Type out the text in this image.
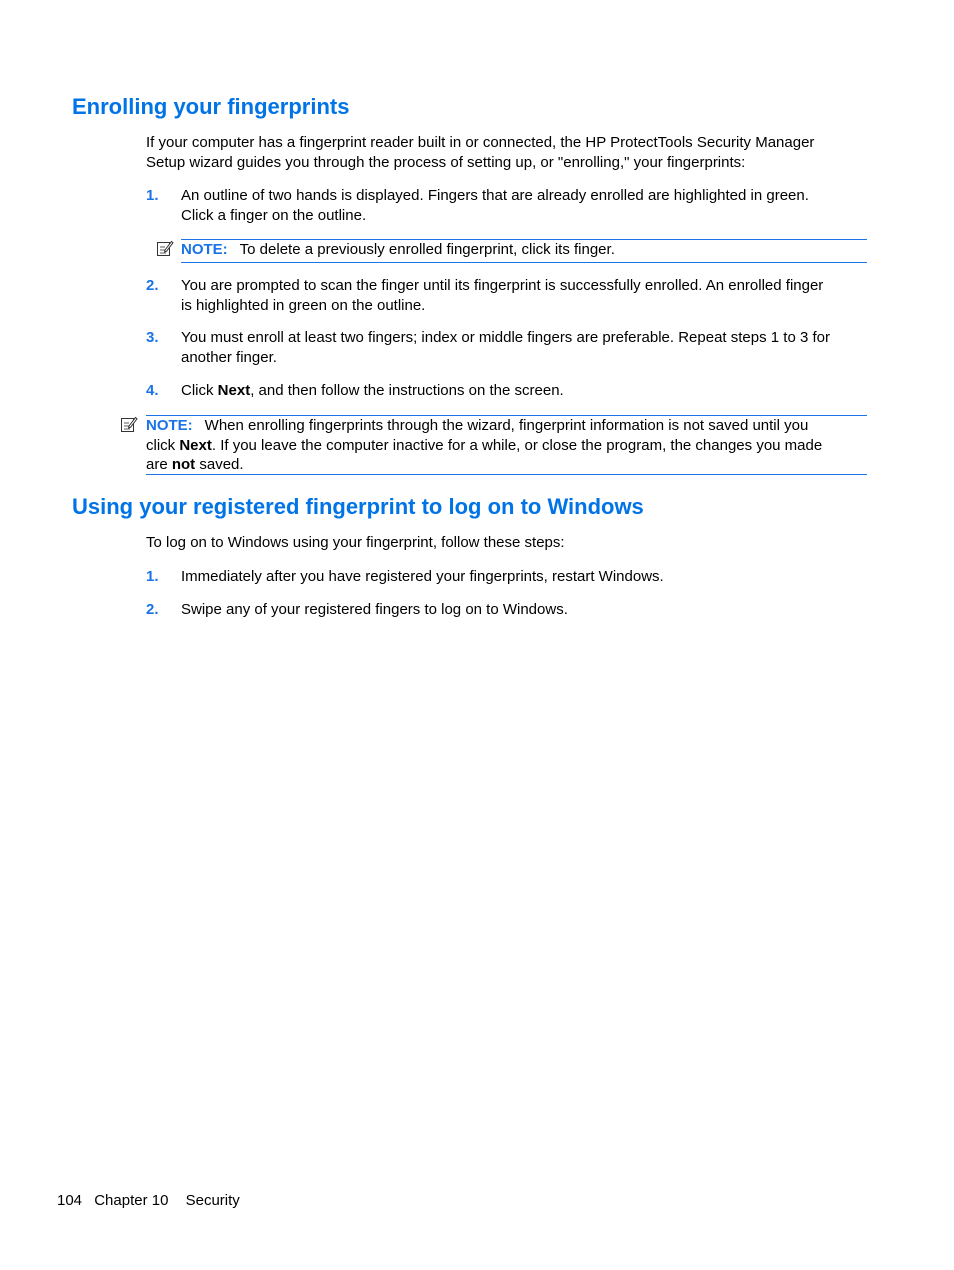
Enrolling your fingerprints
If your computer has a fingerprint reader built in or connected, the HP ProtectTools Security Manager
Setup wizard guides you through the process of setting up, or "enrolling," your fingerprints:
1. An outline of two hands is displayed. Fingers that are already enrolled are highlighted in green.
Click a finger on the outline.
NOTE: To delete a previously enrolled fingerprint, click its finger.
2. You are prompted to scan the finger until its fingerprint is successfully enrolled. An enrolled finger
is highlighted in green on the outline.
3. You must enroll at least two fingers; index or middle fingers are preferable. Repeat steps 1 to 3 for
another finger.
4. Click Next, and then follow the instructions on the screen.
NOTE: When enrolling fingerprints through the wizard, fingerprint information is not saved until you
click Next. If you leave the computer inactive for a while, or close the program, the changes you made
are not saved.
Using your registered fingerprint to log on to Windows
To log on to Windows using your fingerprint, follow these steps:
1. Immediately after you have registered your fingerprints, restart Windows.
2. Swipe any of your registered fingers to log on to Windows.
104 Chapter 10 Security
